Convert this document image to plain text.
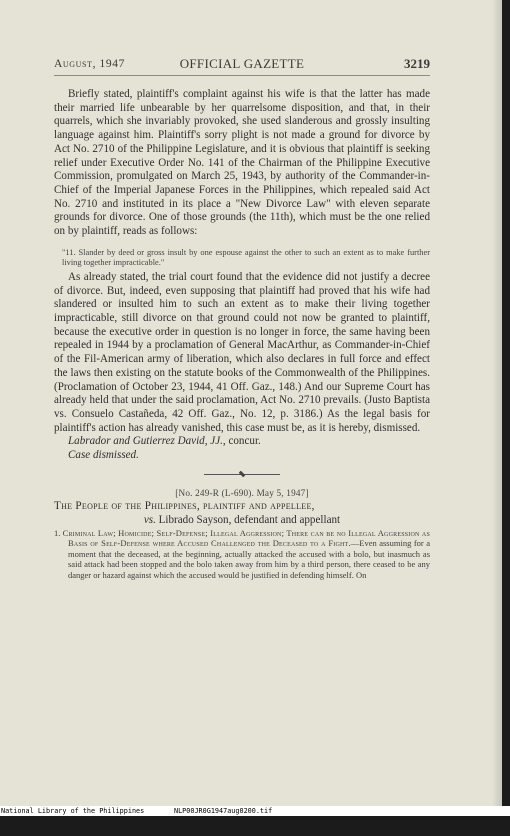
August, 1947	OFFICIAL GAZETTE	3219

Briefly stated, plaintiff's complaint against his wife is that the latter has made their married life unbearable by her quarrelsome disposition, and that, in their quarrels, which she invariably provoked, she used slanderous and grossly insulting language against him. Plaintiff's sorry plight is not made a ground for divorce by Act No. 2710 of the Philippine Legislature, and it is obvious that plaintiff is seeking relief under Executive Order No. 141 of the Chairman of the Philippine Executive Commission, promulgated on March 25, 1943, by authority of the Commander-in-Chief of the Imperial Japanese Forces in the Philippines, which repealed said Act No. 2710 and instituted in its place a "New Divorce Law" with eleven separate grounds for divorce. One of those grounds (the 11th), which must be the one relied on by plaintiff, reads as follows:

"11. Slander by deed or gross insult by one espouse against the other to such an extent as to make further living together impracticable."

As already stated, the trial court found that the evidence did not justify a decree of divorce. But, indeed, even supposing that plaintiff had proved that his wife had slandered or insulted him to such an extent as to make their living together impracticable, still divorce on that ground could not now be granted to plaintiff, because the executive order in question is no longer in force, the same having been repealed in 1944 by a proclamation of General MacArthur, as Commander-in-Chief of the Fil-American army of liberation, which also declares in full force and effect the laws then existing on the statute books of the Commonwealth of the Philippines. (Proclamation of October 23, 1944, 41 Off. Gaz., 148.) And our Supreme Court has already held that under the said proclamation, Act No. 2710 prevails. (Justo Baptista vs. Consuelo Castañeda, 42 Off. Gaz., No. 12, p. 3186.) As the legal basis for plaintiff's action has already vanished, this case must be, as it is hereby, dismissed.

Labrador and Gutierrez David, JJ., concur.

Case dismissed.

[No. 249-R (L-690). May 5, 1947]

The People of the Philippines, plaintiff and appellee,

vs. Librado Sayson, defendant and appellant

1. Criminal Law; Homicide; Self-Defense; Illegal Aggression; There can be no Illegal Aggression as Basis of Self-Defense where Accused Challenged the Deceased to a Fight.—Even assuming for a moment that the deceased, at the beginning, actually attacked the accused with a bolo, but inasmuch as said attack had been stopped and the bolo taken away from him by a third person, there ceased to be any danger or hazard against which the accused would be justified in defending himself. On

National Library of the Philippines

	NLP00JR0G1947aug0200.tif
